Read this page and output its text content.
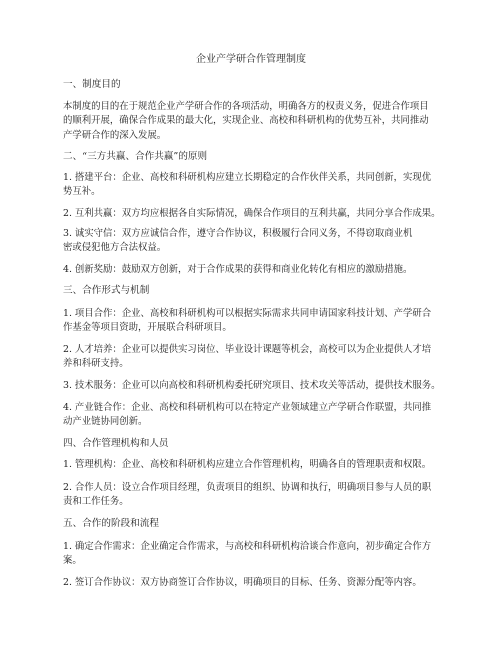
企业产学研合作管理制度
一、制度目的
本制度的目的在于规范企业产学研合作的各项活动，明确各方的权责义务，促进合作项目
的顺利开展，确保合作成果的最大化，实现企业、高校和科研机构的优势互补，共同推动
产学研合作的深入发展。
二、“三方共赢、合作共赢”的原则
1. 搭建平台：企业、高校和科研机构应建立长期稳定的合作伙伴关系，共同创新，实现优
势互补。
2. 互利共赢：双方均应根据各自实际情况，确保合作项目的互利共赢，共同分享合作成果。
3. 诚实守信：双方应诚信合作，遵守合作协议，积极履行合同义务，不得窃取商业机
密或侵犯他方合法权益。
4. 创新奖励：鼓励双方创新，对于合作成果的获得和商业化转化有相应的激励措施。
三、合作形式与机制
1. 项目合作：企业、高校和科研机构可以根据实际需求共同申请国家科技计划、产学研合
作基金等项目资助，开展联合科研项目。
2. 人才培养：企业可以提供实习岗位、毕业设计课题等机会，高校可以为企业提供人才培
养和科研支持。
3. 技术服务：企业可以向高校和科研机构委托研究项目、技术攻关等活动，提供技术服务。
4. 产业链合作：企业、高校和科研机构可以在特定产业领域建立产学研合作联盟，共同推
动产业链协同创新。
四、合作管理机构和人员
1. 管理机构：企业、高校和科研机构应建立合作管理机构，明确各自的管理职责和权限。
2. 合作人员：设立合作项目经理，负责项目的组织、协调和执行，明确项目参与人员的职
责和工作任务。
五、合作的阶段和流程
1. 确定合作需求：企业确定合作需求，与高校和科研机构洽谈合作意向，初步确定合作方
案。
2. 签订合作协议：双方协商签订合作协议，明确项目的目标、任务、资源分配等内容。
